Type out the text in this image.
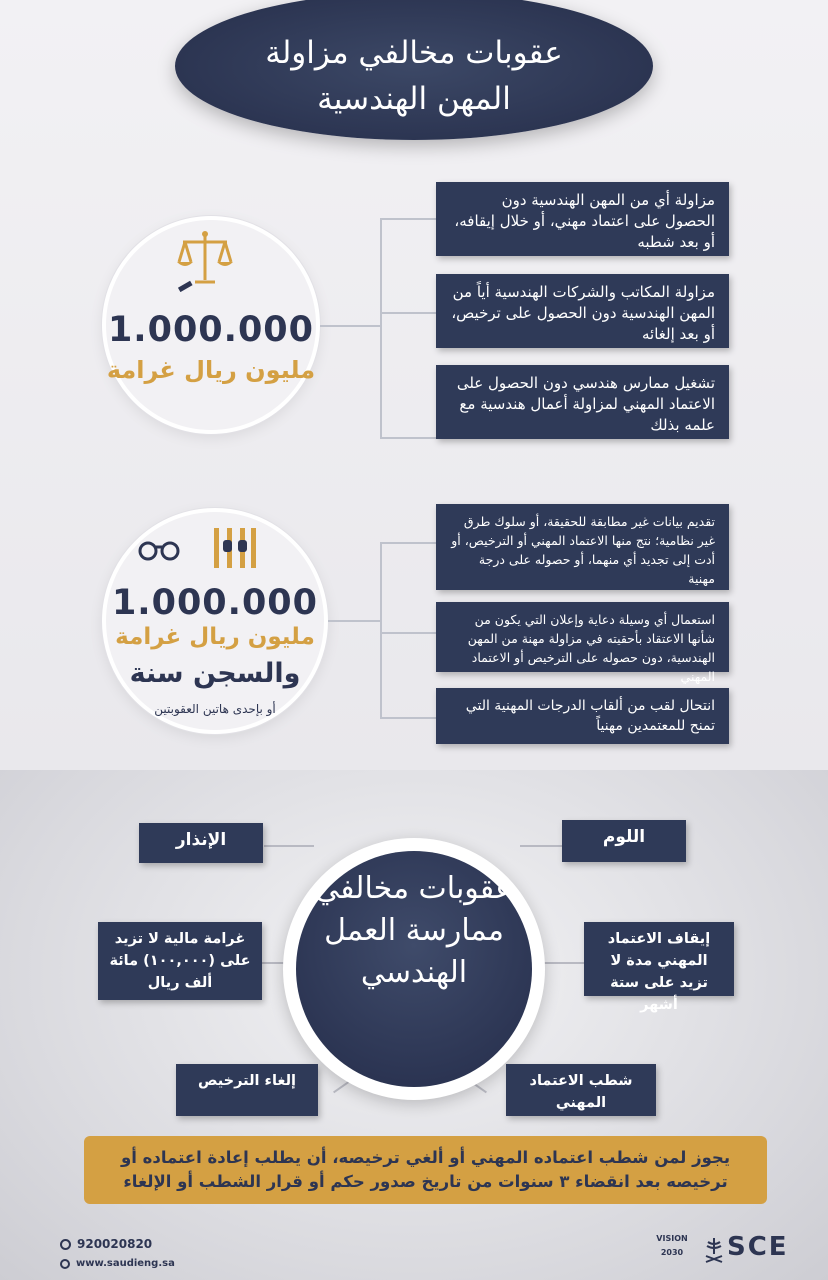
عقوبات مخالفي مزاولة
المهن الهندسية
1.000.000
مليون ريال غرامة
مزاولة أي من المهن الهندسية دون الحصول على اعتماد مهني، أو خلال إيقافه، أو بعد شطبه
مزاولة المكاتب والشركات الهندسية أياً من المهن الهندسية دون الحصول على ترخيص، أو بعد إلغائه
تشغيل ممارس هندسي دون الحصول على الاعتماد المهني لمزاولة أعمال هندسية مع علمه بذلك
1.000.000
مليون ريال غرامة
والسجن سنة
أو بإحدى هاتين العقوبتين
تقديم بيانات غير مطابقة للحقيقة، أو سلوك طرق غير نظامية؛ نتج منها الاعتماد المهني أو الترخيص، أو أدت إلى تجديد أي منهما، أو حصوله على درجة مهنية
استعمال أي وسيلة دعاية وإعلان التي يكون من شأنها الاعتقاد بأحقيته في مزاولة مهنة من المهن الهندسية، دون حصوله على الترخيص أو الاعتماد المهني
انتحال لقب من ألقاب الدرجات المهنية التي تمنح للمعتمدين مهنياً
عقوبات مخالفي ممارسة العمل الهندسي
الإنذار	اللوم
غرامة مالية لا تزيد على (١٠٠,٠٠٠) مائة ألف ريال
إيقاف الاعتماد المهني مدة لا تزيد على ستة أشهر
إلغاء الترخيص	شطب الاعتماد المهني
يجوز لمن شطب اعتماده المهني أو ألغي ترخيصه، أن يطلب إعادة اعتماده أو ترخيصه بعد انقضاء ٣ سنوات من تاريخ صدور حكم أو قرار الشطب أو الإلغاء
920020820
www.saudieng.sa
VISION 2030	SCE
